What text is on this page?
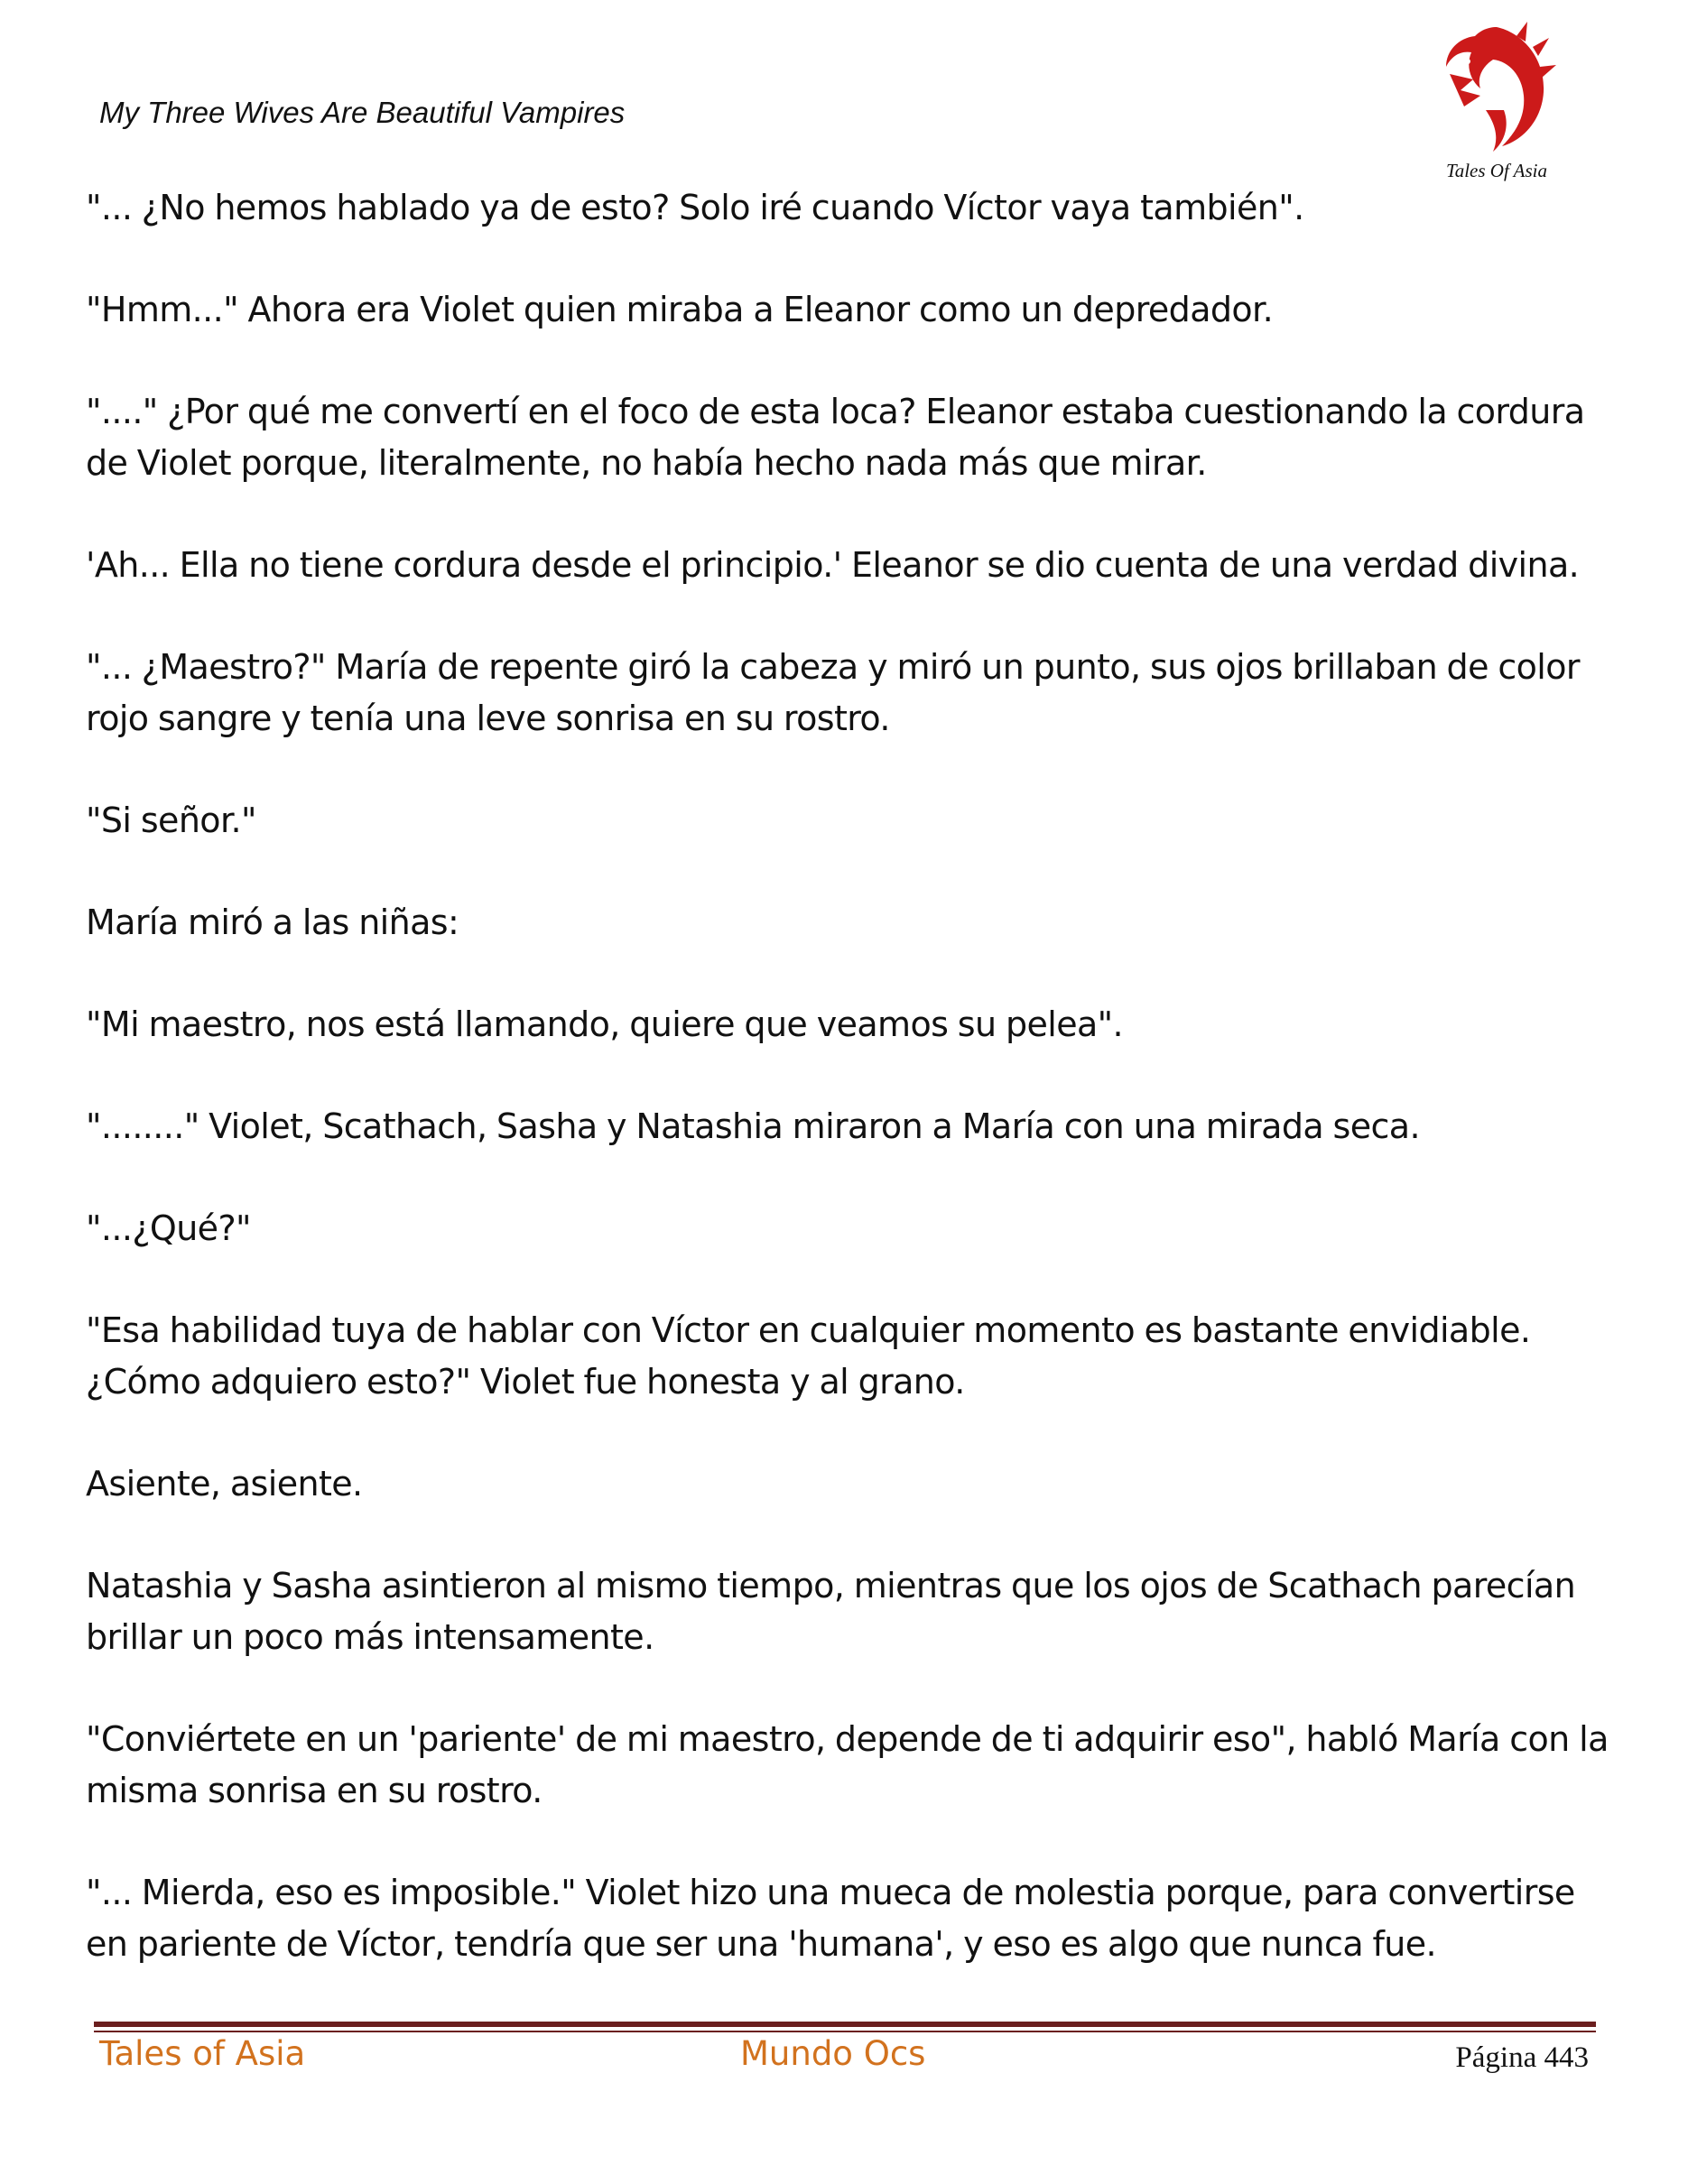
My Three Wives Are Beautiful Vampires
Tales Of Asia

"... ¿No hemos hablado ya de esto? Solo iré cuando Víctor vaya también".

"Hmm..." Ahora era Violet quien miraba a Eleanor como un depredador.

"...." ¿Por qué me convertí en el foco de esta loca? Eleanor estaba cuestionando la cordura de Violet porque, literalmente, no había hecho nada más que mirar.

'Ah... Ella no tiene cordura desde el principio.' Eleanor se dio cuenta de una verdad divina.

"... ¿Maestro?" María de repente giró la cabeza y miró un punto, sus ojos brillaban de color rojo sangre y tenía una leve sonrisa en su rostro.

"Si señor."

María miró a las niñas:

"Mi maestro, nos está llamando, quiere que veamos su pelea".

"........" Violet, Scathach, Sasha y Natashia miraron a María con una mirada seca.

"...¿Qué?"

"Esa habilidad tuya de hablar con Víctor en cualquier momento es bastante envidiable. ¿Cómo adquiero esto?" Violet fue honesta y al grano.

Asiente, asiente.

Natashia y Sasha asintieron al mismo tiempo, mientras que los ojos de Scathach parecían brillar un poco más intensamente.

"Conviértete en un 'pariente' de mi maestro, depende de ti adquirir eso", habló María con la misma sonrisa en su rostro.

"... Mierda, eso es imposible." Violet hizo una mueca de molestia porque, para convertirse en pariente de Víctor, tendría que ser una 'humana', y eso es algo que nunca fue.

Tales of Asia	Mundo Ocs	Página 443
